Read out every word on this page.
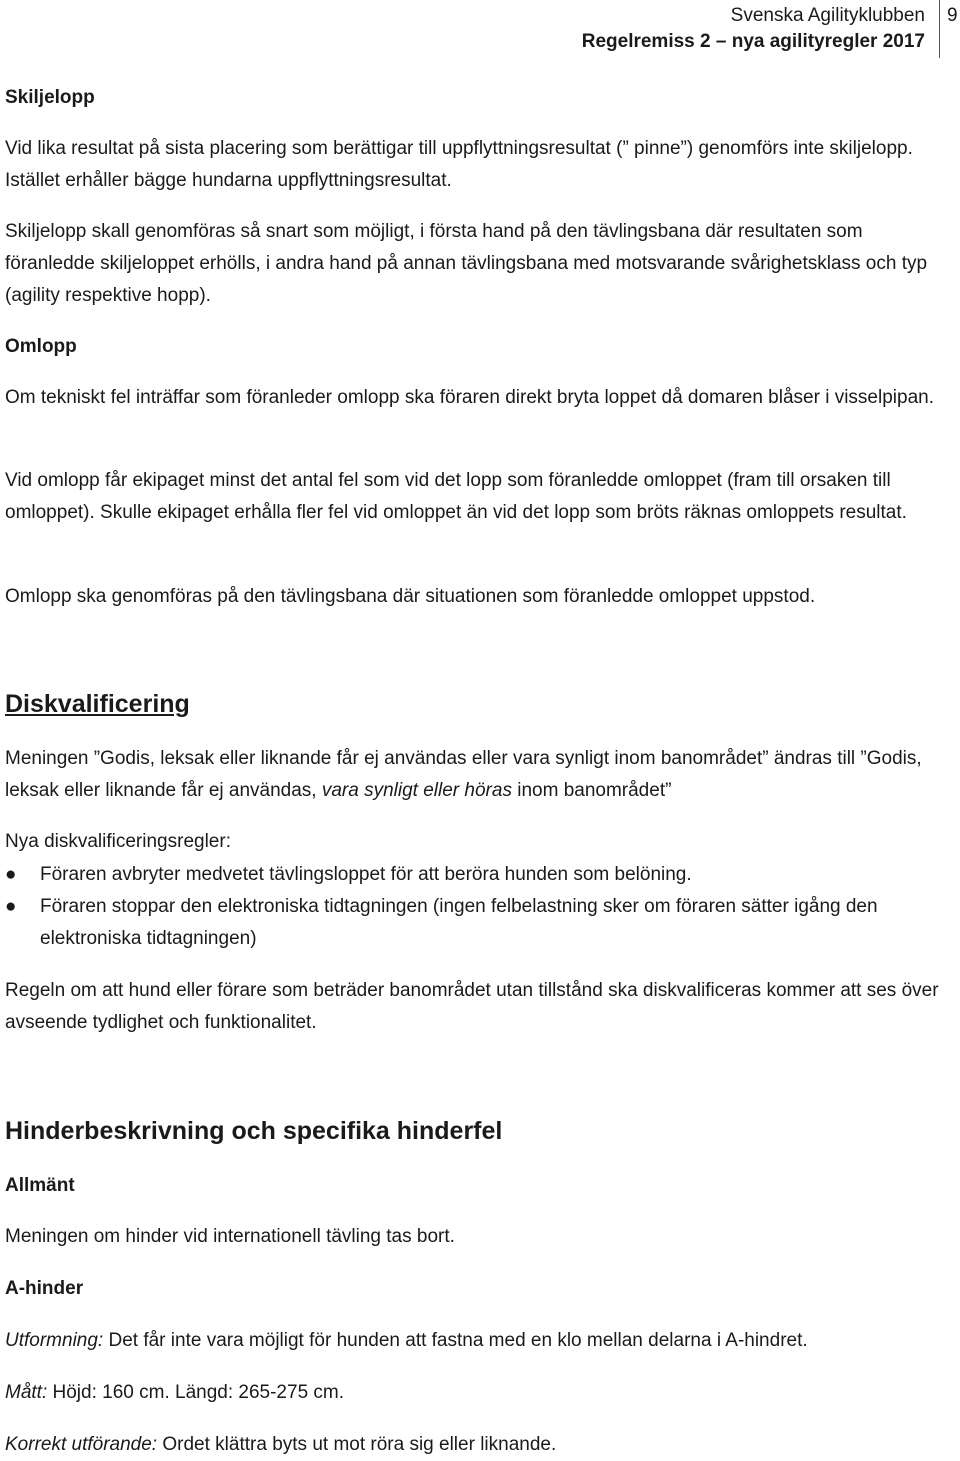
Svenska Agilityklubben
Regelremiss 2 – nya agilityregler 2017
9

Skiljelopp

Vid lika resultat på sista placering som berättigar till uppflyttningsresultat (” pinne”) genomförs inte skiljelopp. Istället erhåller bägge hundarna uppflyttningsresultat.

Skiljelopp skall genomföras så snart som möjligt, i första hand på den tävlingsbana där resultaten som föranledde skiljeloppet erhölls, i andra hand på annan tävlingsbana med motsvarande svårighetsklass och typ (agility respektive hopp).

Omlopp

Om tekniskt fel inträffar som föranleder omlopp ska föraren direkt bryta loppet då domaren blåser i visselpipan.

Vid omlopp får ekipaget minst det antal fel som vid det lopp som föranledde omloppet (fram till orsaken till omloppet). Skulle ekipaget erhålla fler fel vid omloppet än vid det lopp som bröts räknas omloppets resultat.

Omlopp ska genomföras på den tävlingsbana där situationen som föranledde omloppet uppstod.

Diskvalificering

Meningen ”Godis, leksak eller liknande får ej användas eller vara synligt inom banområdet” ändras till ”Godis, leksak eller liknande får ej användas, vara synligt eller höras inom banområdet”

Nya diskvalificeringsregler:

● Föraren avbryter medvetet tävlingsloppet för att beröra hunden som belöning.
● Föraren stoppar den elektroniska tidtagningen (ingen felbelastning sker om föraren sätter igång den elektroniska tidtagningen)

Regeln om att hund eller förare som beträder banområdet utan tillstånd ska diskvalificeras kommer att ses över avseende tydlighet och funktionalitet.

Hinderbeskrivning och specifika hinderfel

Allmänt

Meningen om hinder vid internationell tävling tas bort.

A-hinder

Utformning: Det får inte vara möjligt för hunden att fastna med en klo mellan delarna i A-hindret.

Mått: Höjd: 160 cm. Längd: 265-275 cm.

Korrekt utförande: Ordet klättra byts ut mot röra sig eller liknande.
